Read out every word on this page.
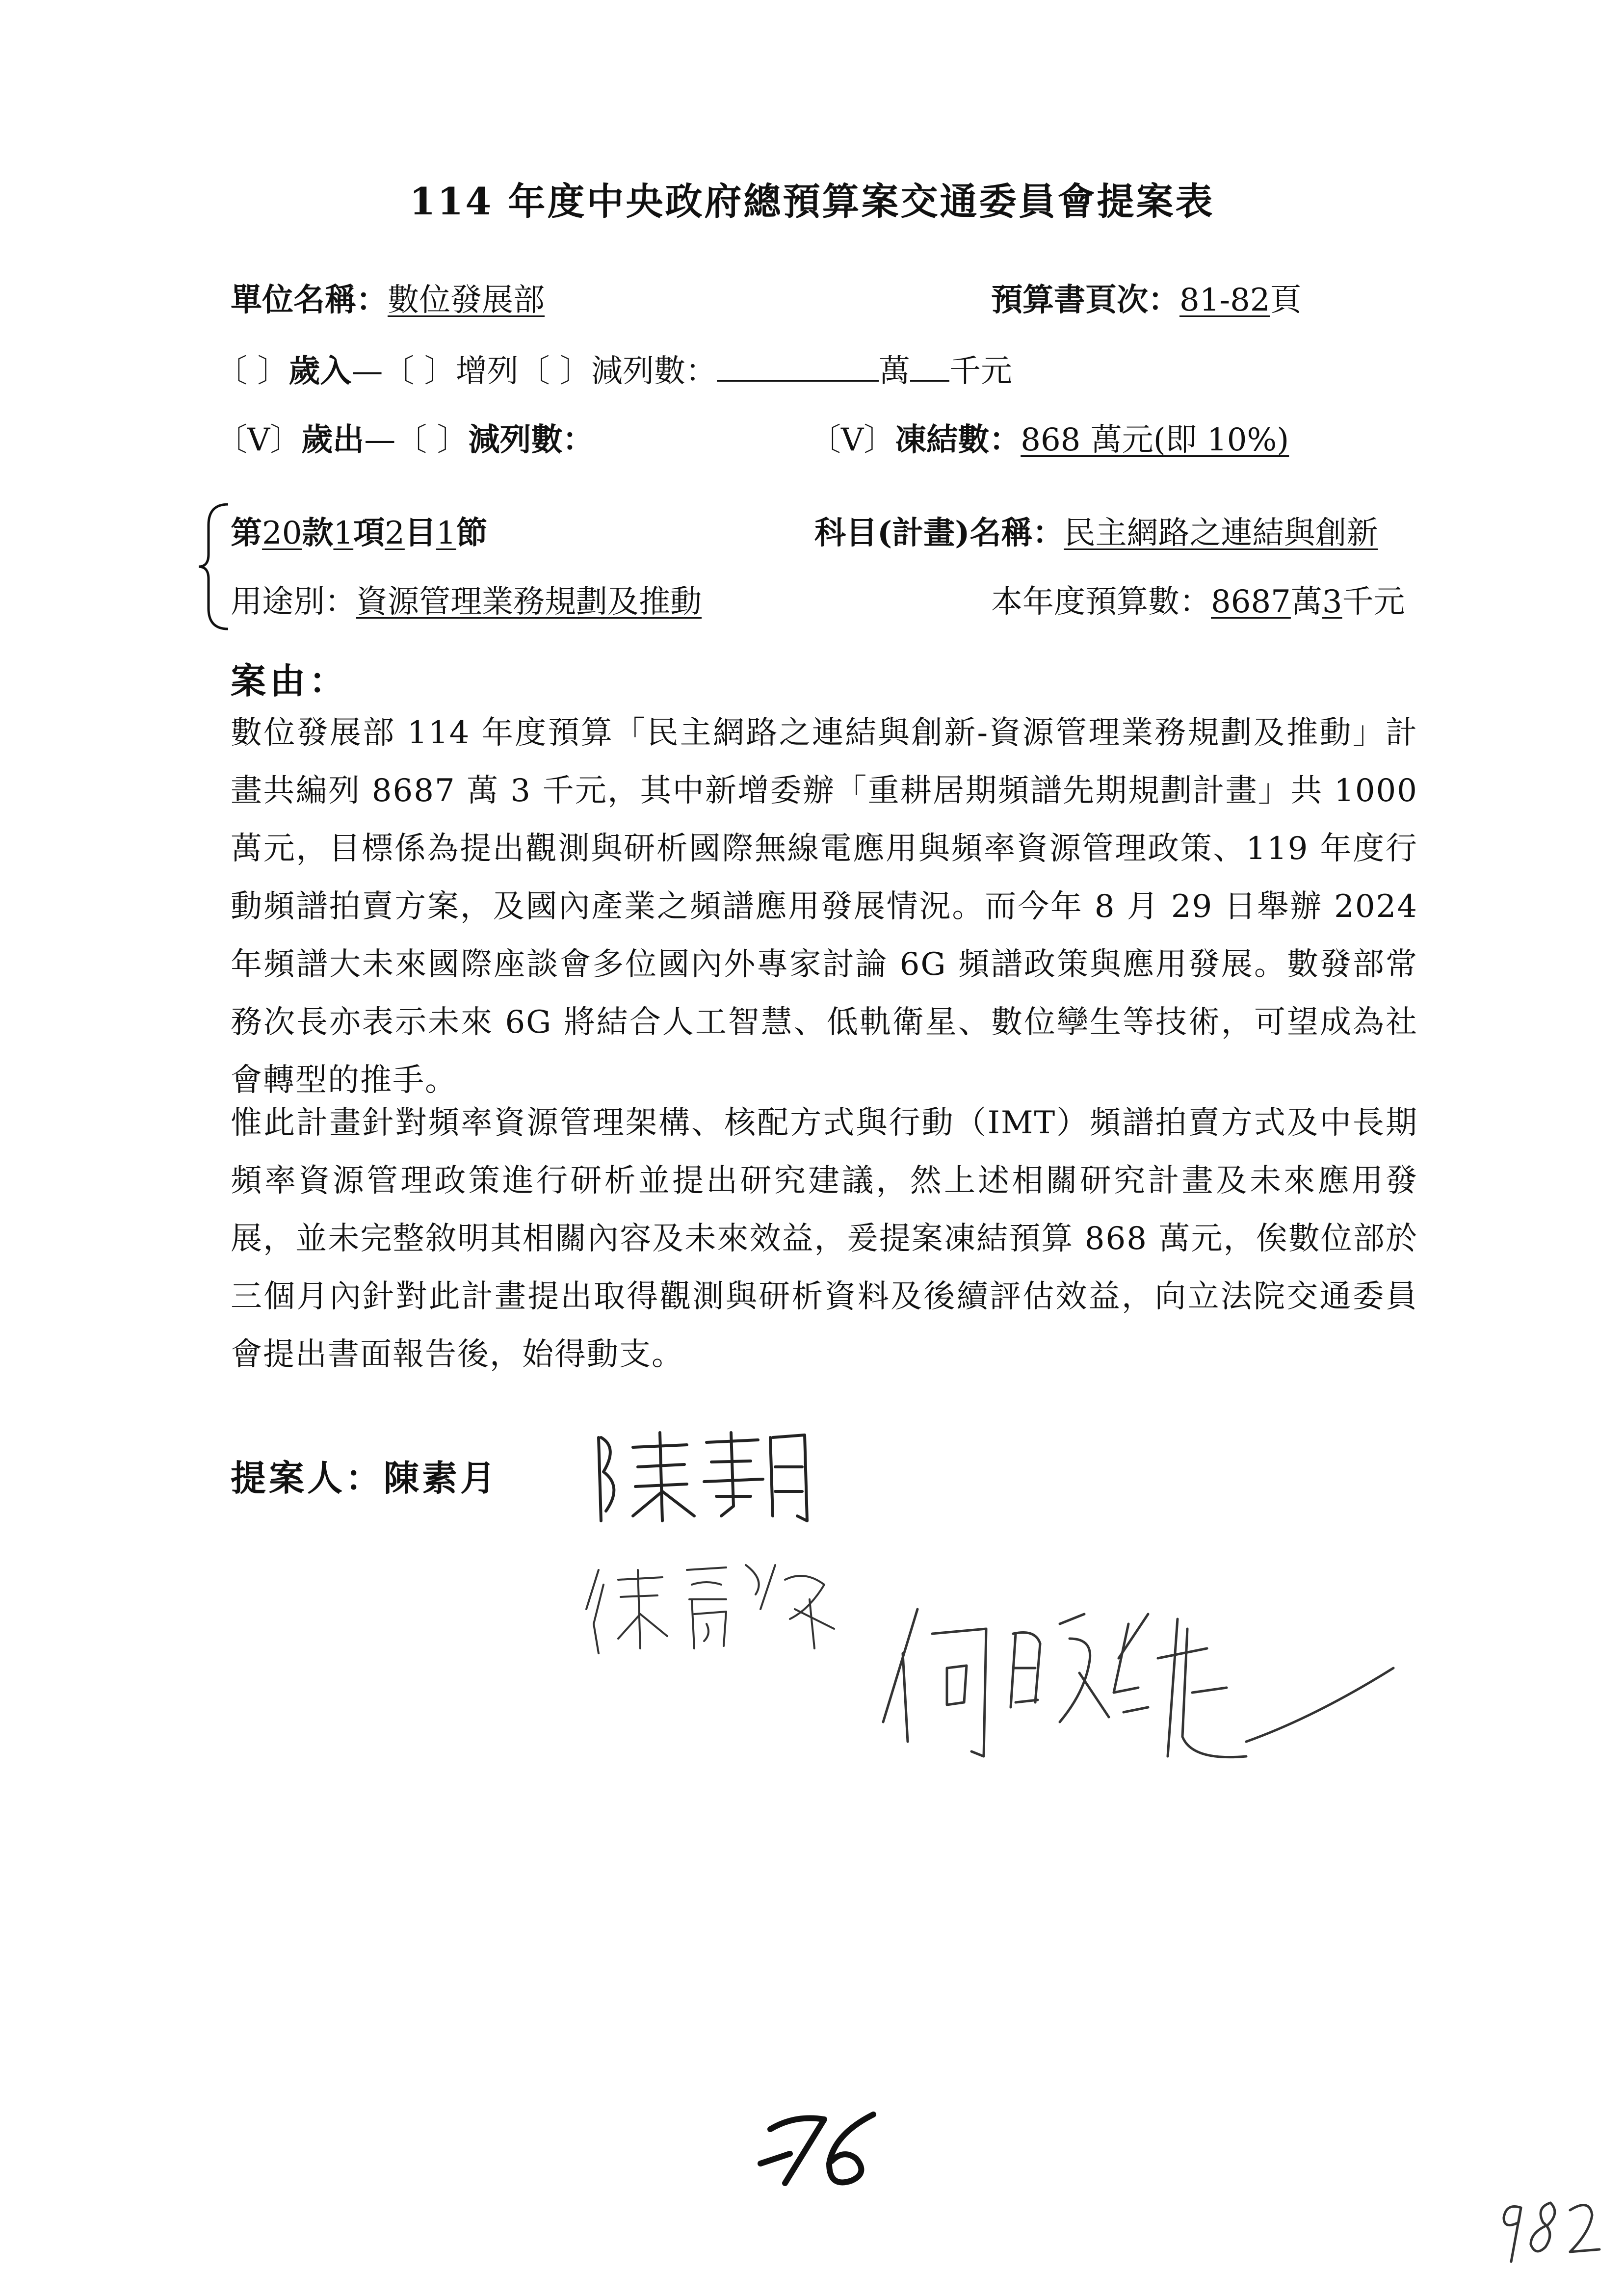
114 年度中央政府總預算案交通委員會提案表
單位名稱：數位發展部	預算書頁次：81-82頁
〔 〕歲入—〔 〕增列〔 〕減列數：	萬 千元
〔V〕歲出—〔 〕減列數：	〔V〕凍結數：868 萬元(即 10%)
第20款1項2目1節	科目(計畫)名稱：民主網路之連結與創新
用途別：資源管理業務規劃及推動	本年度預算數：8687萬3千元
案由：
數位發展部 114 年度預算「民主網路之連結與創新-資源管理業務規劃及推動」計畫共編列 8687 萬 3 千元，其中新增委辦「重耕居期頻譜先期規劃計畫」共 1000 萬元，目標係為提出觀測與研析國際無線電應用與頻率資源管理政策、119 年度行動頻譜拍賣方案，及國內產業之頻譜應用發展情況。而今年 8 月 29 日舉辦 2024 年頻譜大未來國際座談會多位國內外專家討論 6G 頻譜政策與應用發展。數發部常務次長亦表示未來 6G 將結合人工智慧、低軌衛星、數位孿生等技術，可望成為社會轉型的推手。
惟此計畫針對頻率資源管理架構、核配方式與行動（IMT）頻譜拍賣方式及中長期頻率資源管理政策進行研析並提出研究建議，然上述相關研究計畫及未來應用發展，並未完整敘明其相關內容及未來效益，爰提案凍結預算 868 萬元，俟數位部於三個月內針對此計畫提出取得觀測與研析資料及後續評估效益，向立法院交通委員會提出書面報告後，始得動支。
提案人：陳素月
